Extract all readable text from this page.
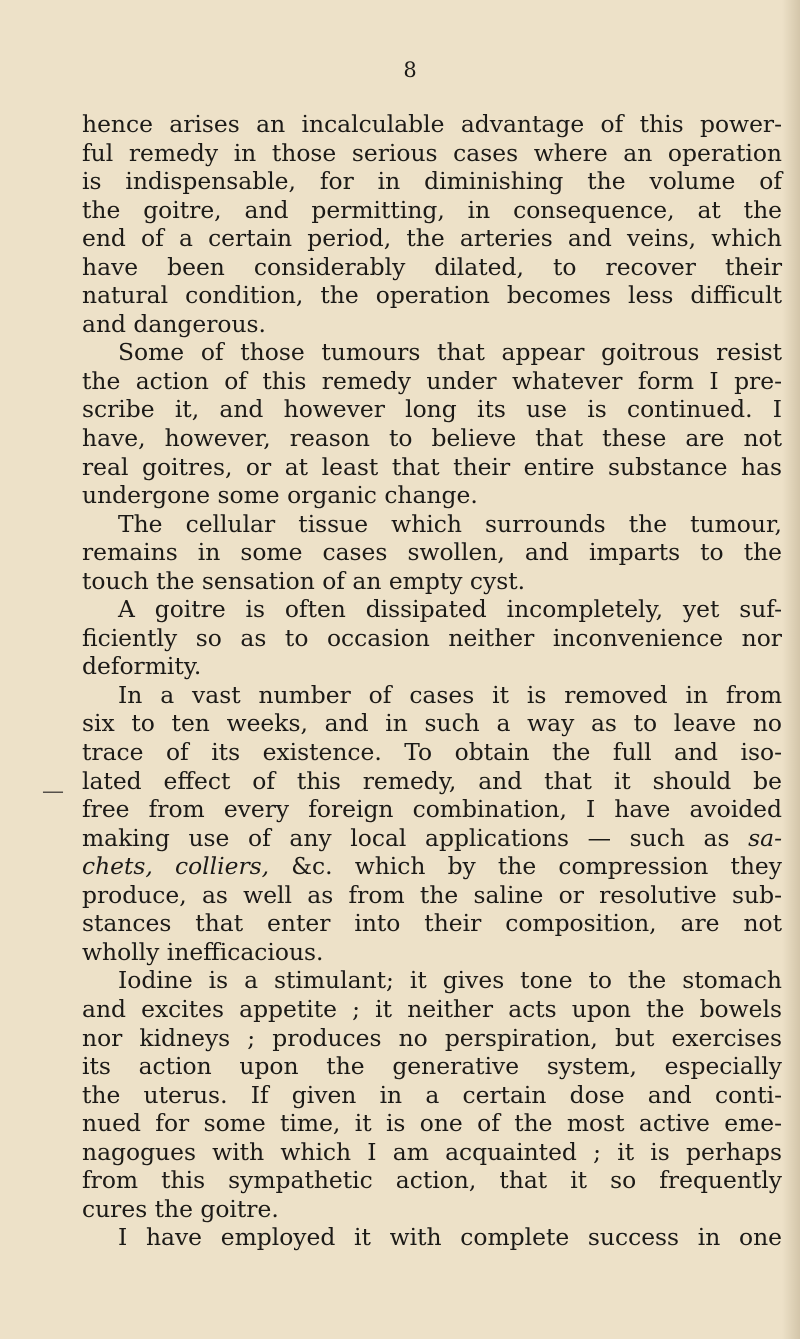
8
—
hence arises an incalculable advantage of this power-
ful remedy in those serious cases where an operation
is indispensable, for in diminishing the volume of
the goitre, and permitting, in consequence, at the
end of a certain period, the arteries and veins, which
have been considerably dilated, to recover their
natural condition, the operation becomes less difficult
and dangerous.
Some of those tumours that appear goitrous resist
the action of this remedy under whatever form I pre-
scribe it, and however long its use is continued. I
have, however, reason to believe that these are not
real goitres, or at least that their entire substance has
undergone some organic change.
The cellular tissue which surrounds the tumour,
remains in some cases swollen, and imparts to the
touch the sensation of an empty cyst.
A goitre is often dissipated incompletely, yet suf-
ficiently so as to occasion neither inconvenience nor
deformity.
In a vast number of cases it is removed in from
six to ten weeks, and in such a way as to leave no
trace of its existence. To obtain the full and iso-
lated effect of this remedy, and that it should be
free from every foreign combination, I have avoided
making use of any local applications — such as sa-
chets, colliers, &c. which by the compression they
produce, as well as from the saline or resolutive sub-
stances that enter into their composition, are not
wholly inefficacious.
Iodine is a stimulant; it gives tone to the stomach
and excites appetite ; it neither acts upon the bowels
nor kidneys ; produces no perspiration, but exercises
its action upon the generative system, especially
the uterus. If given in a certain dose and conti-
nued for some time, it is one of the most active eme-
nagogues with which I am acquainted ; it is perhaps
from this sympathetic action, that it so frequently
cures the goitre.
I have employed it with complete success in one
